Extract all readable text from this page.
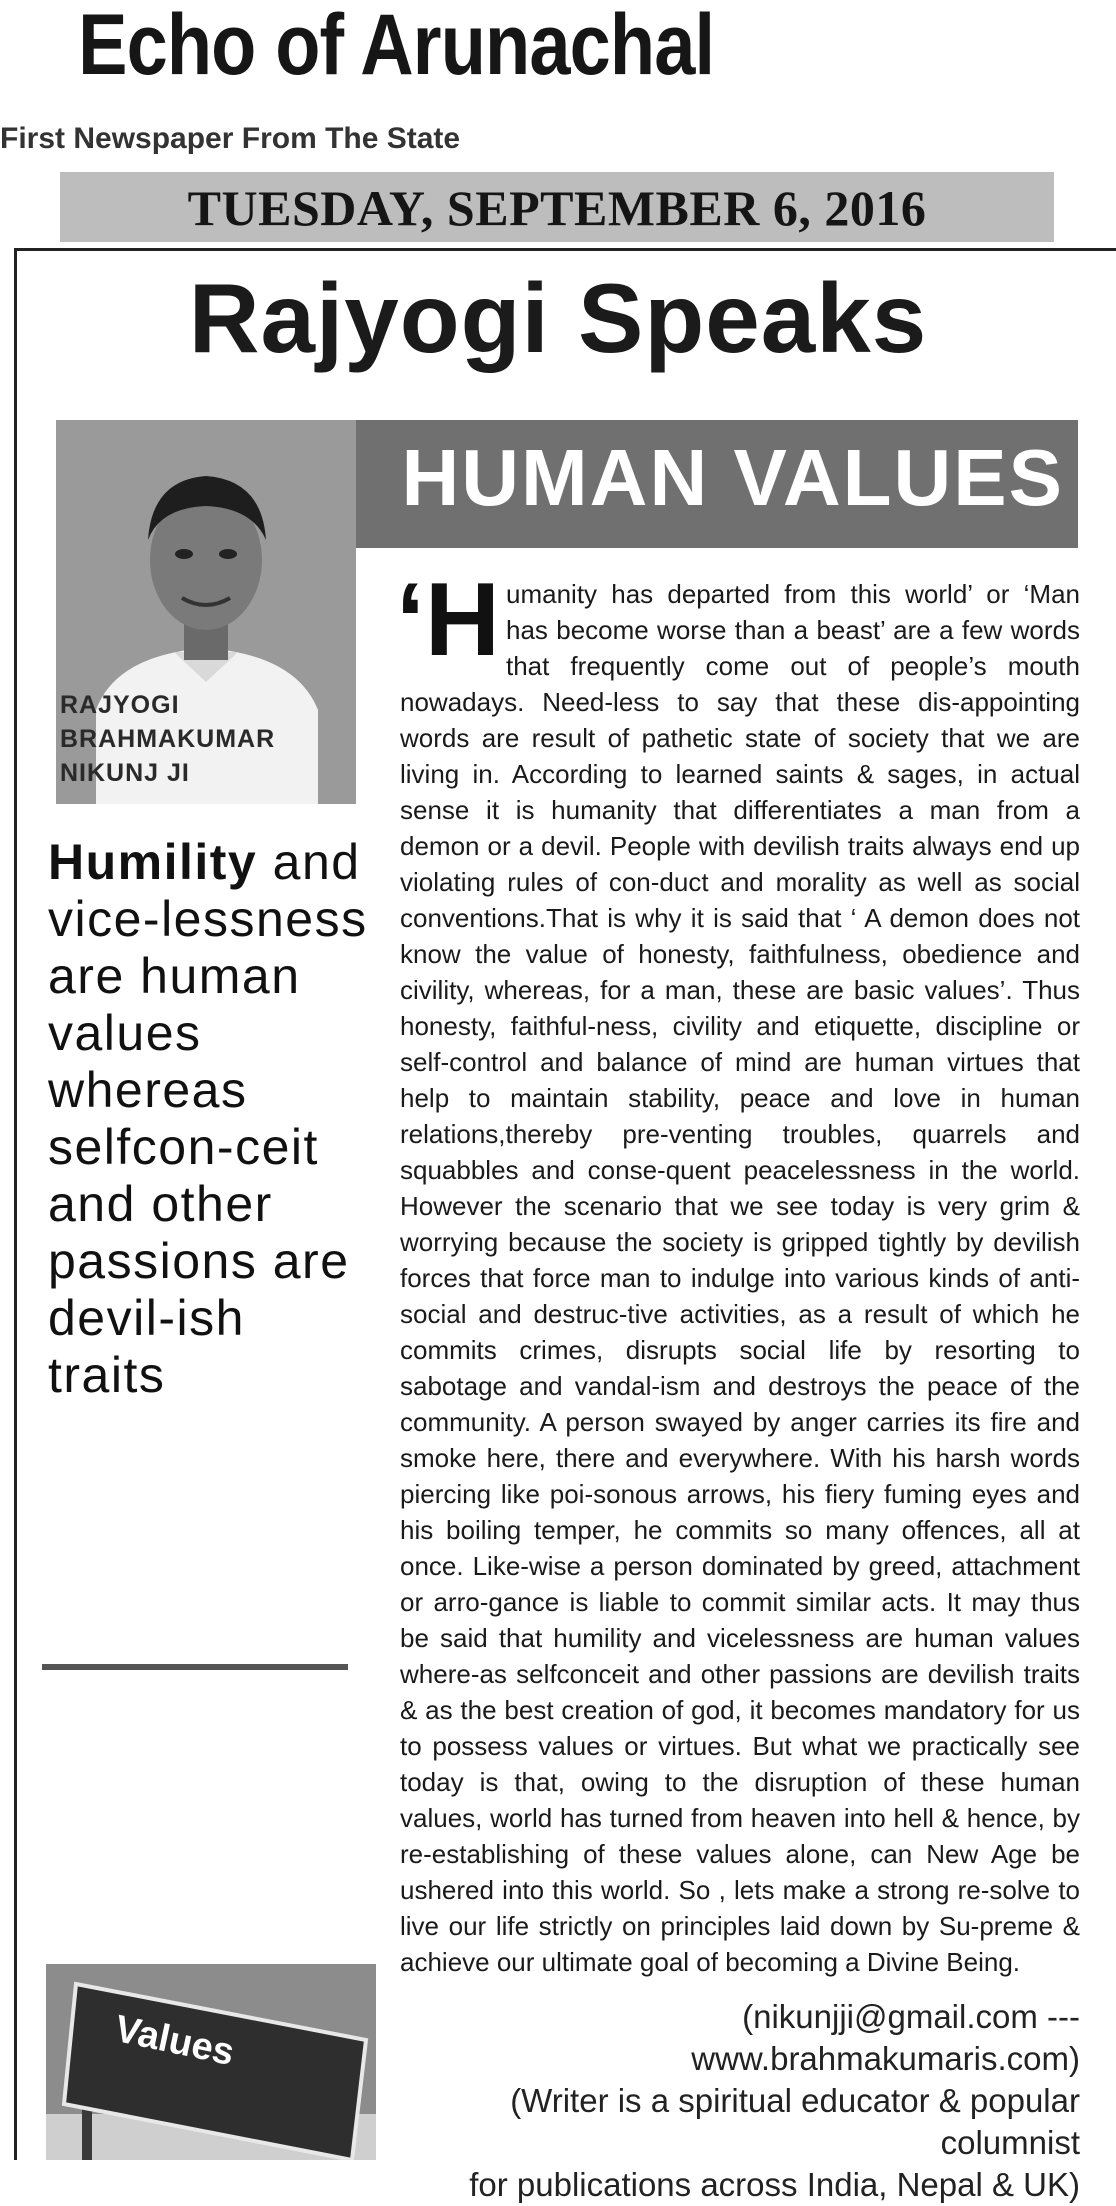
Echo of Arunachal
First Newspaper From The State
TUESDAY, SEPTEMBER 6, 2016
Rajyogi Speaks
HUMAN VALUES
RAJYOGI
BRAHMAKUMAR
NIKUNJ JI
Humility and vice-lessness are human values whereas selfcon-ceit and other passions are devil-ish traits
‘Humanity has departed from this world’ or ‘Man has become worse than a beast’ are a few words that frequently come out of people’s mouth nowadays. Need-less to say that these dis-appointing words are result of pathetic state of society that we are living in. According to learned saints & sages, in actual sense it is humanity that differentiates a man from a demon or a devil. People with devilish traits always end up violating rules of con-duct and morality as well as social conventions.That is why it is said that ‘ A demon does not know the value of honesty, faithfulness, obedience and civility, whereas, for a man, these are basic values’. Thus honesty, faithful-ness, civility and etiquette, discipline or self-control and balance of mind are human virtues that help to maintain stability, peace and love in human relations,thereby pre-venting troubles, quarrels and squabbles and conse-quent peacelessness in the world. However the scenario that we see today is very grim & worrying because the society is gripped tightly by devilish forces that force man to indulge into various kinds of anti-social and destruc-tive activities, as a result of which he commits crimes, disrupts social life by resorting to sabotage and vandal-ism and destroys the peace of the community. A person swayed by anger carries its fire and smoke here, there and everywhere. With his harsh words piercing like poi-sonous arrows, his fiery fuming eyes and his boiling temper, he commits so many offences, all at once. Like-wise a person dominated by greed, attachment or arro-gance is liable to commit similar acts. It may thus be said that humility and vicelessness are human values where-as selfconceit and other passions are devilish traits & as the best creation of god, it becomes mandatory for us to possess values or virtues. But what we practically see today is that, owing to the disruption of these human values, world has turned from heaven into hell & hence, by re-establishing of these values alone, can New Age be ushered into this world. So , lets make a strong re-solve to live our life strictly on principles laid down by Su-preme & achieve our ultimate goal of becoming a Divine Being.
Values	(nikunjji@gmail.com --- www.brahmakumaris.com)
(Writer is a spiritual educator & popular columnist
for publications across India, Nepal & UK)
